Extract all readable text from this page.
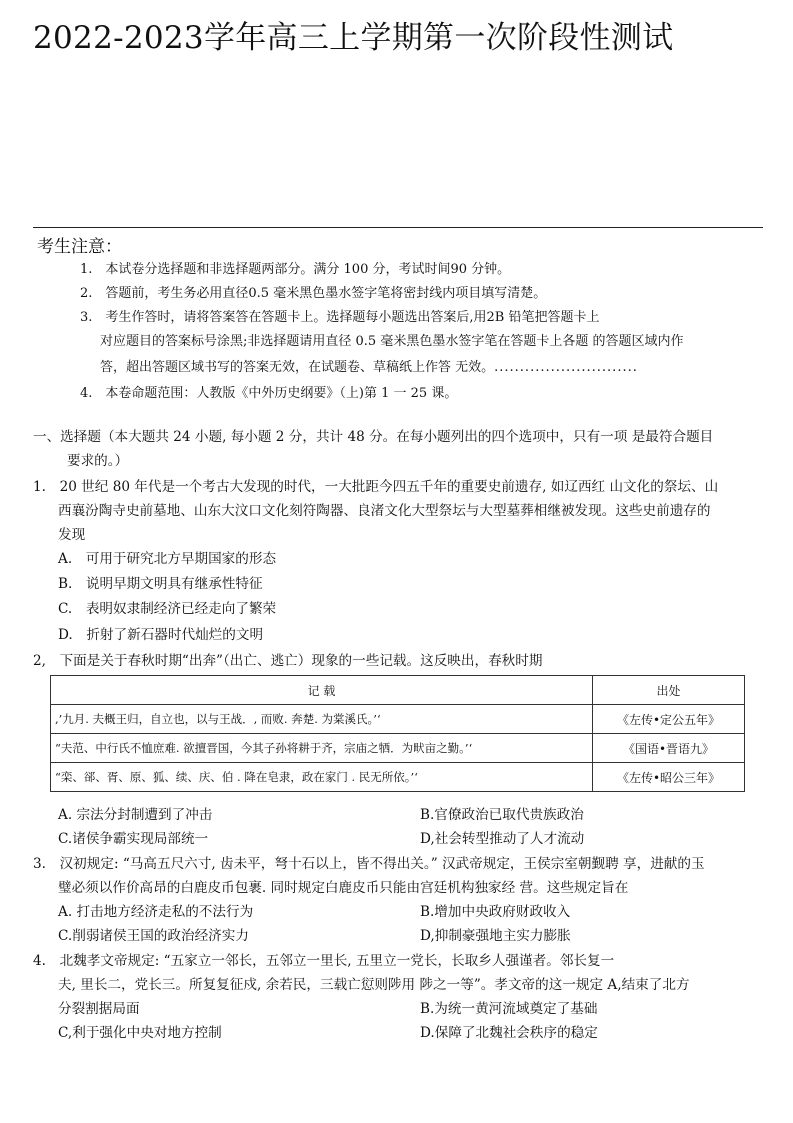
2022-2023学年高三上学期第一次阶段性测试
考生注意：
1.　本试卷分选择题和非选择题两部分。满分 100 分，考试时间90 分钟。
2.　答题前，考生务必用直径0.5 毫米黑色墨水签字笔将密封线内项目填写清楚。
3.　考生作答时，请将答案答在答题卡上。选择题每小题选出答案后,用2B 铅笔把答题卡上
对应题目的答案标号涂黑;非选择题请用直径 0.5 毫米黑色墨水签字笔在答题卡上各题 的答题区域内作
答，超出答题区域书写的答案无效，在试题卷、草稿纸上作答 无效。............................
4.　本卷命题范围：人教版《中外历史纲要》（上)第 1 一 25 课。
一、选择题（本大题共 24 小题, 每小题 2 分，共计 48 分。在每小题列出的四个选项中，只有一项 是最符合题目
要求的。）
1.　20 世纪 80 年代是一个考古大发现的时代，一大批距今四五千年的重要史前遗存, 如辽西红 山文化的祭坛、山
西襄汾陶寺史前墓地、山东大汶口文化刻符陶器、良渚文化大型祭坛与大型墓葬相继被发现。这些史前遗存的
发现
A.　可用于研究北方早期国家的形态
B.　说明早期文明具有继承性特征
C.　表明奴隶制经济已经走向了繁荣
D.　折射了新石器时代灿烂的文明
2,　下面是关于春秋时期“出奔”（出亡、逃亡）现象的一些记载。这反映出，春秋时期
记 载	出处
,’九月. 夫概王归，自立也，以与王战．, 而败. 奔楚. 为棠溪氏。’‘	《左传•定公五年》
“夫范、中行氏不恤庶难. 欲擅晋国，今其子孙将耕于齐，宗庙之牺．为畎亩之勤。’‘	《国语•晋语九》
“栾、郤、胥、原、狐、续、庆、伯 . 降在皂隶，政在家门 . 民无所依。’‘	《左传•昭公三年》
A. 宗法分封制遭到了冲击	B.官僚政治已取代贵族政治
C.诸侯争霸实现局部统一	D,社会转型推动了人才流动
3.　汉初规定: “马高五尺六寸, 齿未平，弩十石以上，皆不得出关。” 汉武帝规定，王侯宗室朝觐聘 享，进献的玉
璧必须以作价高昂的白鹿皮币包裹. 同时规定白鹿皮币只能由宫廷机构独家经 营。这些规定旨在
A. 打击地方经济走私的不法行为	B.增加中央政府财政收入
C.削弱诸侯王国的政治经济实力	D,抑制豪强地主实力膨胀
4.　北魏孝文帝规定: “五家立一邻长，五邻立一里长, 五里立一党长，长取乡人强谨者。邻长复一
夫, 里长二，党长三。所复复征戍, 余若民，三载亡愆则陟用 陟之一等”。孝文帝的这一规定 A,结束了北方
分裂割据局面	B.为统一黄河流域奠定了基础
C,利于强化中央对地方控制	D.保障了北魏社会秩序的稳定
